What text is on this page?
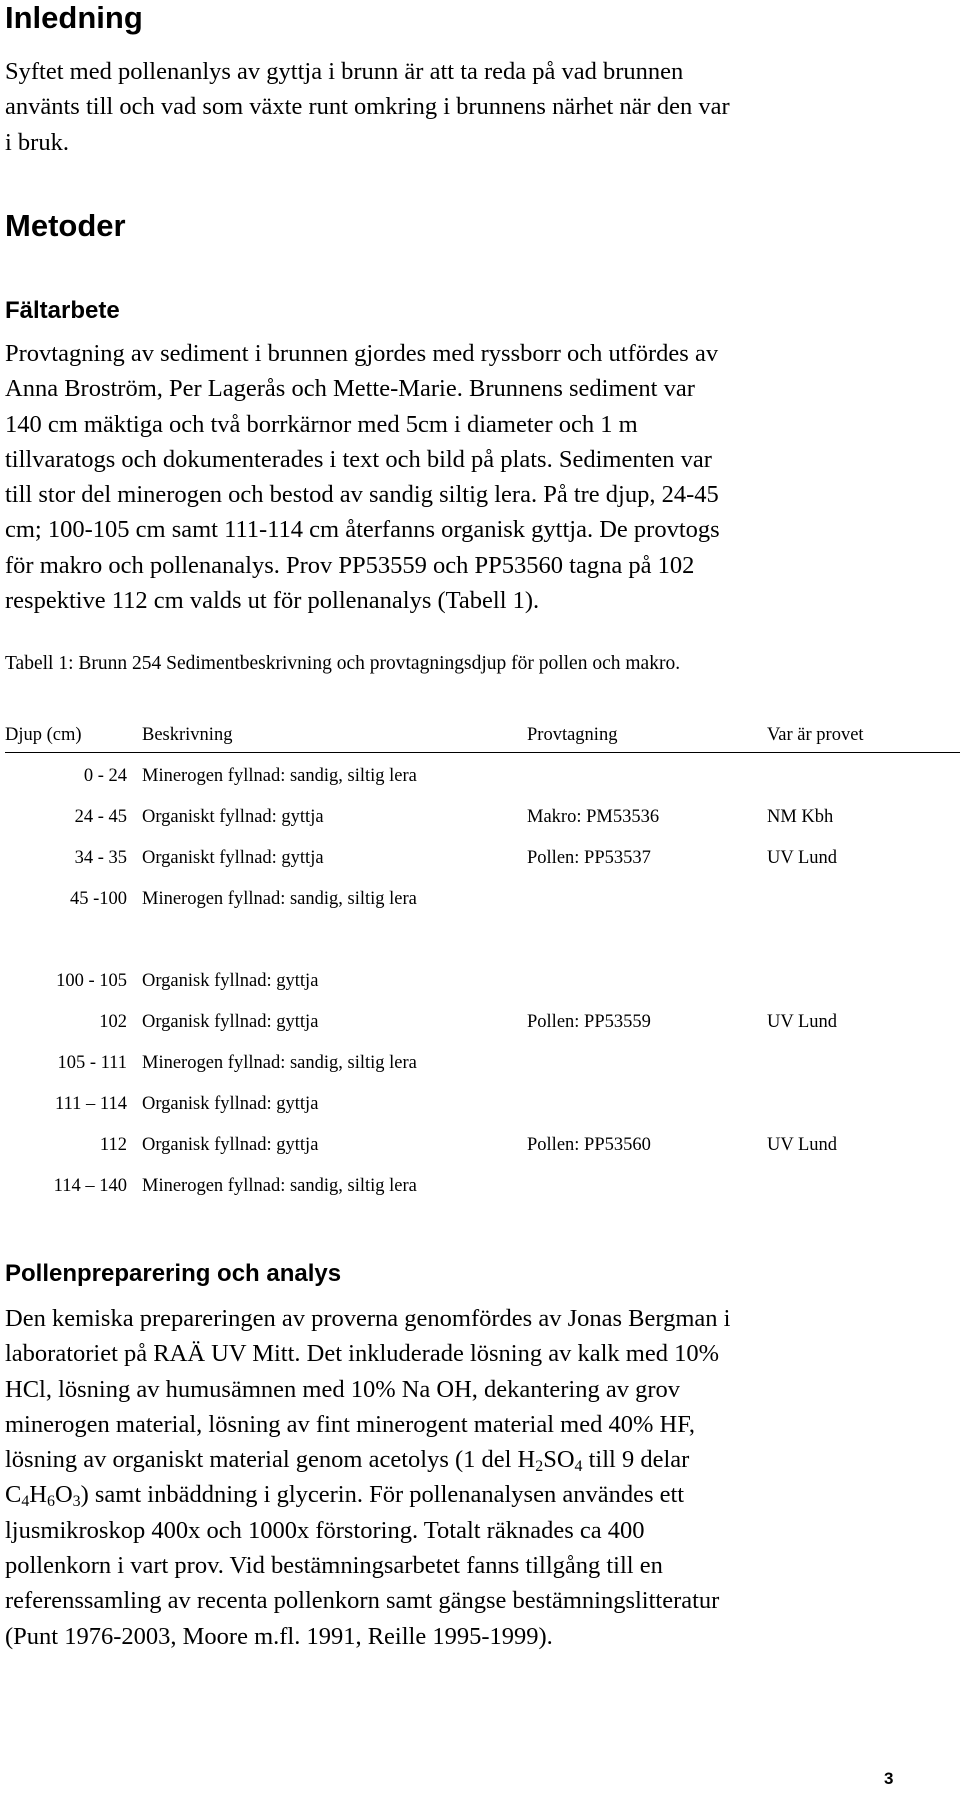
Inledning
Syftet med pollenanlys av gyttja i brunn är att ta reda på vad brunnen
använts till och vad som växte runt omkring i brunnens närhet när den var
i bruk.
Metoder
Fältarbete
Provtagning av sediment i brunnen gjordes med ryssborr och utfördes av
Anna Broström, Per Lagerås och Mette-Marie. Brunnens sediment var
140 cm mäktiga och två borrkärnor med 5cm i diameter och 1 m
tillvaratogs och dokumenterades i text och bild på plats. Sedimenten var
till stor del minerogen och bestod av sandig siltig lera. På tre djup, 24-45
cm; 100-105 cm samt 111-114 cm återfanns organisk gyttja. De provtogs
för makro och pollenanalys. Prov PP53559 och PP53560 tagna på 102
respektive 112 cm valds ut för pollenanalys (Tabell 1).

Tabell 1: Brunn 254 Sedimentbeskrivning och provtagningsdjup för pollen och makro.

Djup (cm)	Beskrivning	Provtagning	Var är provet
0 - 24 Minerogen fyllnad: sandig, siltig lera
24 - 45 Organiskt fyllnad: gyttja	Makro: PM53536	NM Kbh
34 - 35 Organiskt fyllnad: gyttja	Pollen: PP53537	UV Lund
45 -100 Minerogen fyllnad: sandig, siltig lera
100 - 105 Organisk fyllnad: gyttja
102 Organisk fyllnad: gyttja	Pollen: PP53559	UV Lund
105 - 111 Minerogen fyllnad: sandig, siltig lera
111 – 114 Organisk fyllnad: gyttja
112 Organisk fyllnad: gyttja	Pollen: PP53560	UV Lund
114 – 140 Minerogen fyllnad: sandig, siltig lera
Pollenpreparering och analys
Den kemiska prepareringen av proverna genomfördes av Jonas Bergman i
laboratoriet på RAÄ UV Mitt. Det inkluderade lösning av kalk med 10%
HCl, lösning av humusämnen med 10% Na OH, dekantering av grov
minerogen material, lösning av fint minerogent material med 40% HF,
lösning av organiskt material genom acetolys (1 del $H_2SO_4$ till 9 delar
$C_4H_6O_3$) samt inbäddning i glycerin. För pollenanalysen användes ett
ljusmikroskop 400x och 1000x förstoring. Totalt räknades ca 400
pollenkorn i vart prov. Vid bestämningsarbetet fanns tillgång till en
referenssamling av recenta pollenkorn samt gängse bestämningslitteratur
(Punt 1976-2003, Moore m.fl. 1991, Reille 1995-1999).
3
